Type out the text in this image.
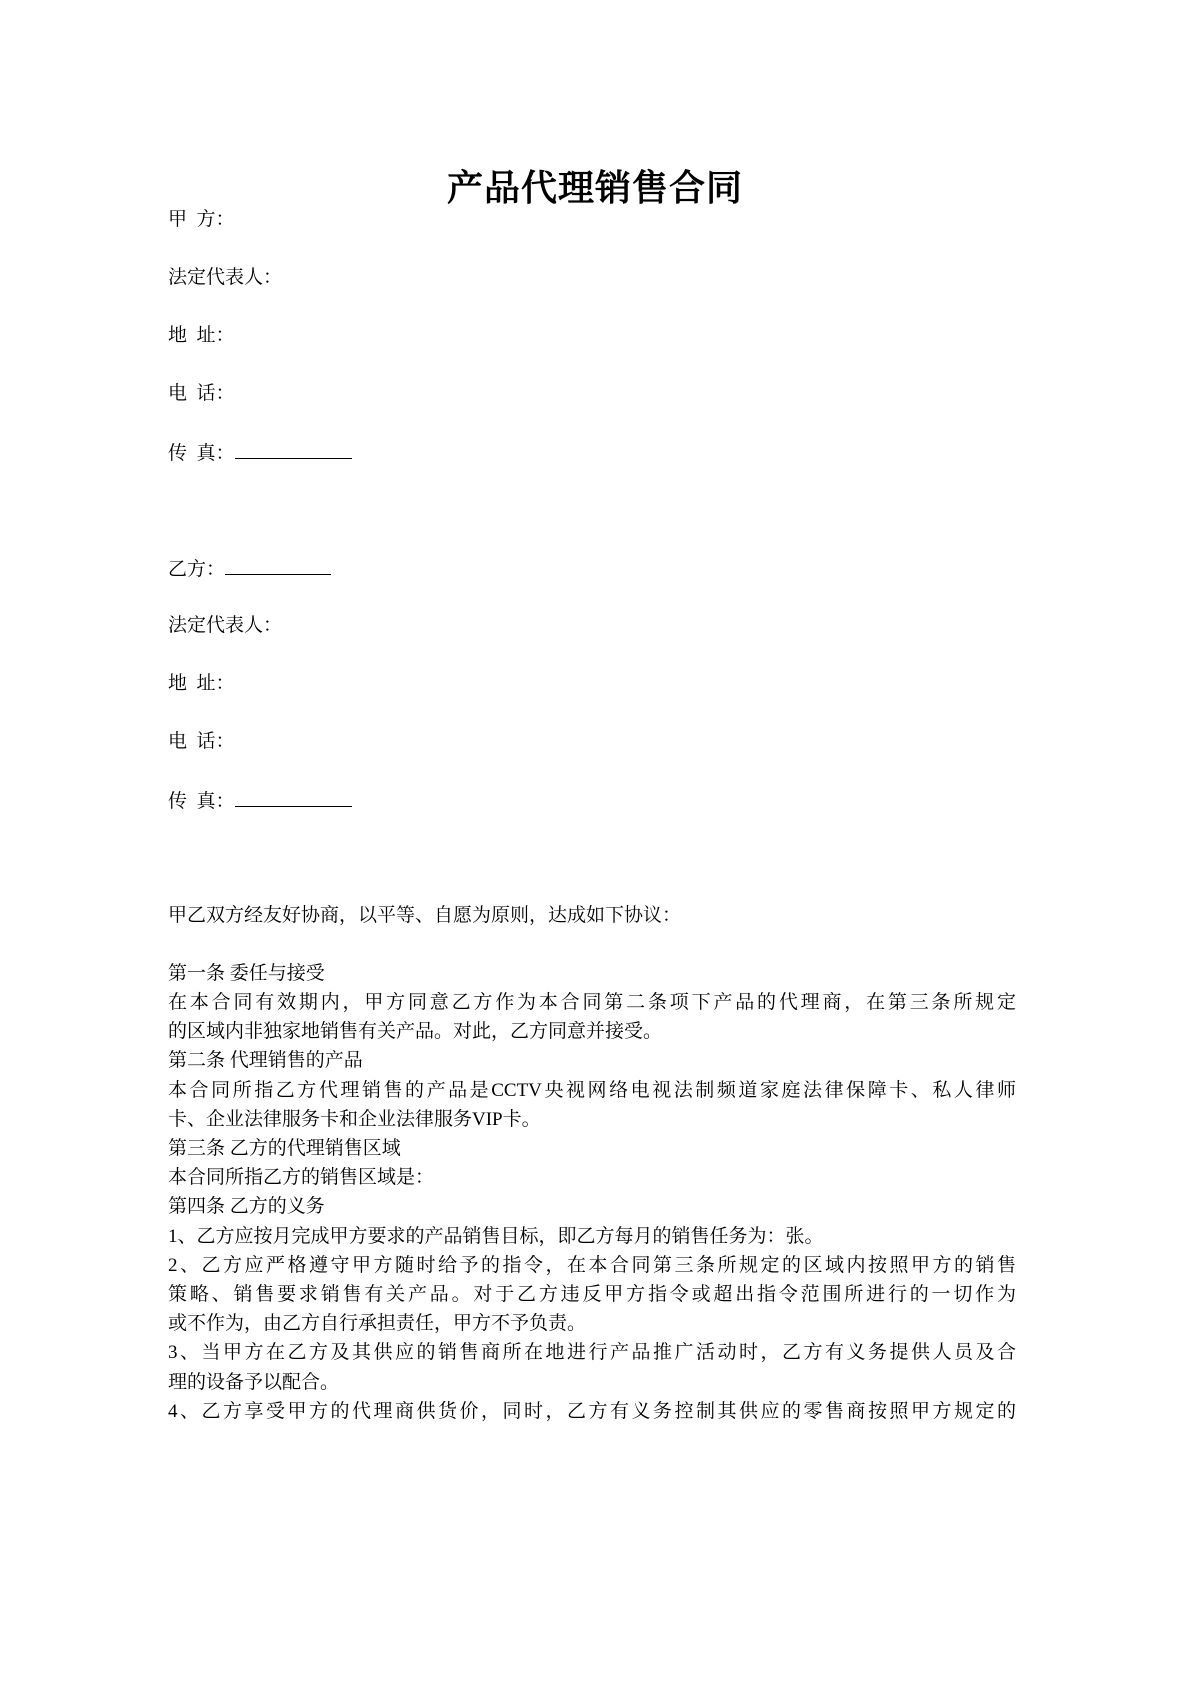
产品代理销售合同
甲  方：
法定代表人：
地  址：
电  话：
传  真：
乙方：
法定代表人：
地  址：
电  话：
传  真：
甲乙双方经友好协商，以平等、自愿为原则，达成如下协议：
第一条 委任与接受
在本合同有效期内，甲方同意乙方作为本合同第二条项下产品的代理商，在第三条所规定
的区域内非独家地销售有关产品。对此，乙方同意并接受。
第二条 代理销售的产品
本合同所指乙方代理销售的产品是CCTV央视网络电视法制频道家庭法律保障卡、私人律师
卡、企业法律服务卡和企业法律服务VIP卡。
第三条 乙方的代理销售区域
本合同所指乙方的销售区域是：
第四条 乙方的义务
1、乙方应按月完成甲方要求的产品销售目标，即乙方每月的销售任务为：张。
2、乙方应严格遵守甲方随时给予的指令，在本合同第三条所规定的区域内按照甲方的销售
策略、销售要求销售有关产品。对于乙方违反甲方指令或超出指令范围所进行的一切作为
或不作为，由乙方自行承担责任，甲方不予负责。
3、当甲方在乙方及其供应的销售商所在地进行产品推广活动时，乙方有义务提供人员及合
理的设备予以配合。
4、乙方享受甲方的代理商供货价，同时，乙方有义务控制其供应的零售商按照甲方规定的
